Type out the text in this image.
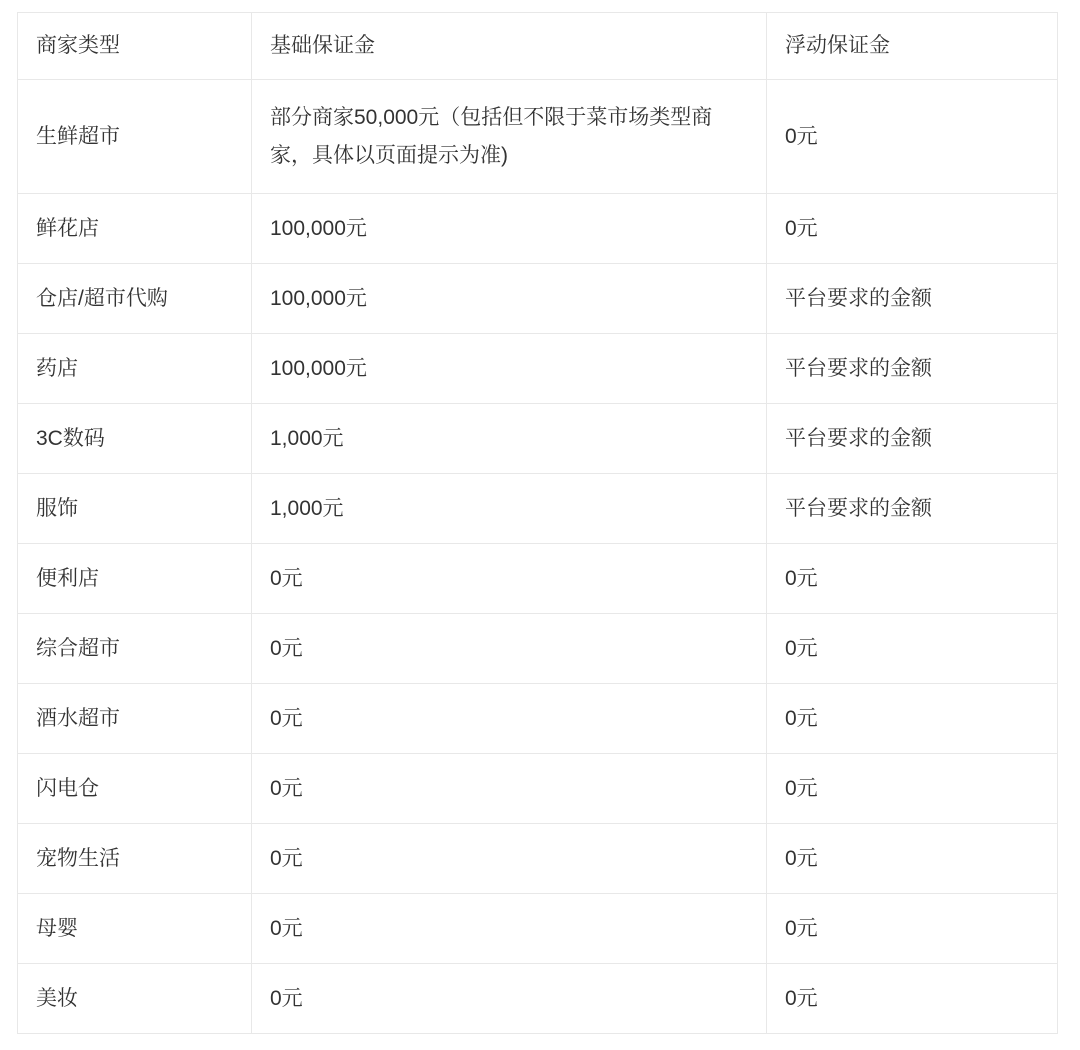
商家类型	基础保证金	浮动保证金
生鲜超市	部分商家50,000元（包括但不限于菜市场类型商家，具体以页面提示为准)	0元
鲜花店	100,000元	0元
仓店/超市代购	100,000元	平台要求的金额
药店	100,000元	平台要求的金额
3C数码	1,000元	平台要求的金额
服饰	1,000元	平台要求的金额
便利店	0元	0元
综合超市	0元	0元
酒水超市	0元	0元
闪电仓	0元	0元
宠物生活	0元	0元
母婴	0元	0元
美妆	0元	0元
